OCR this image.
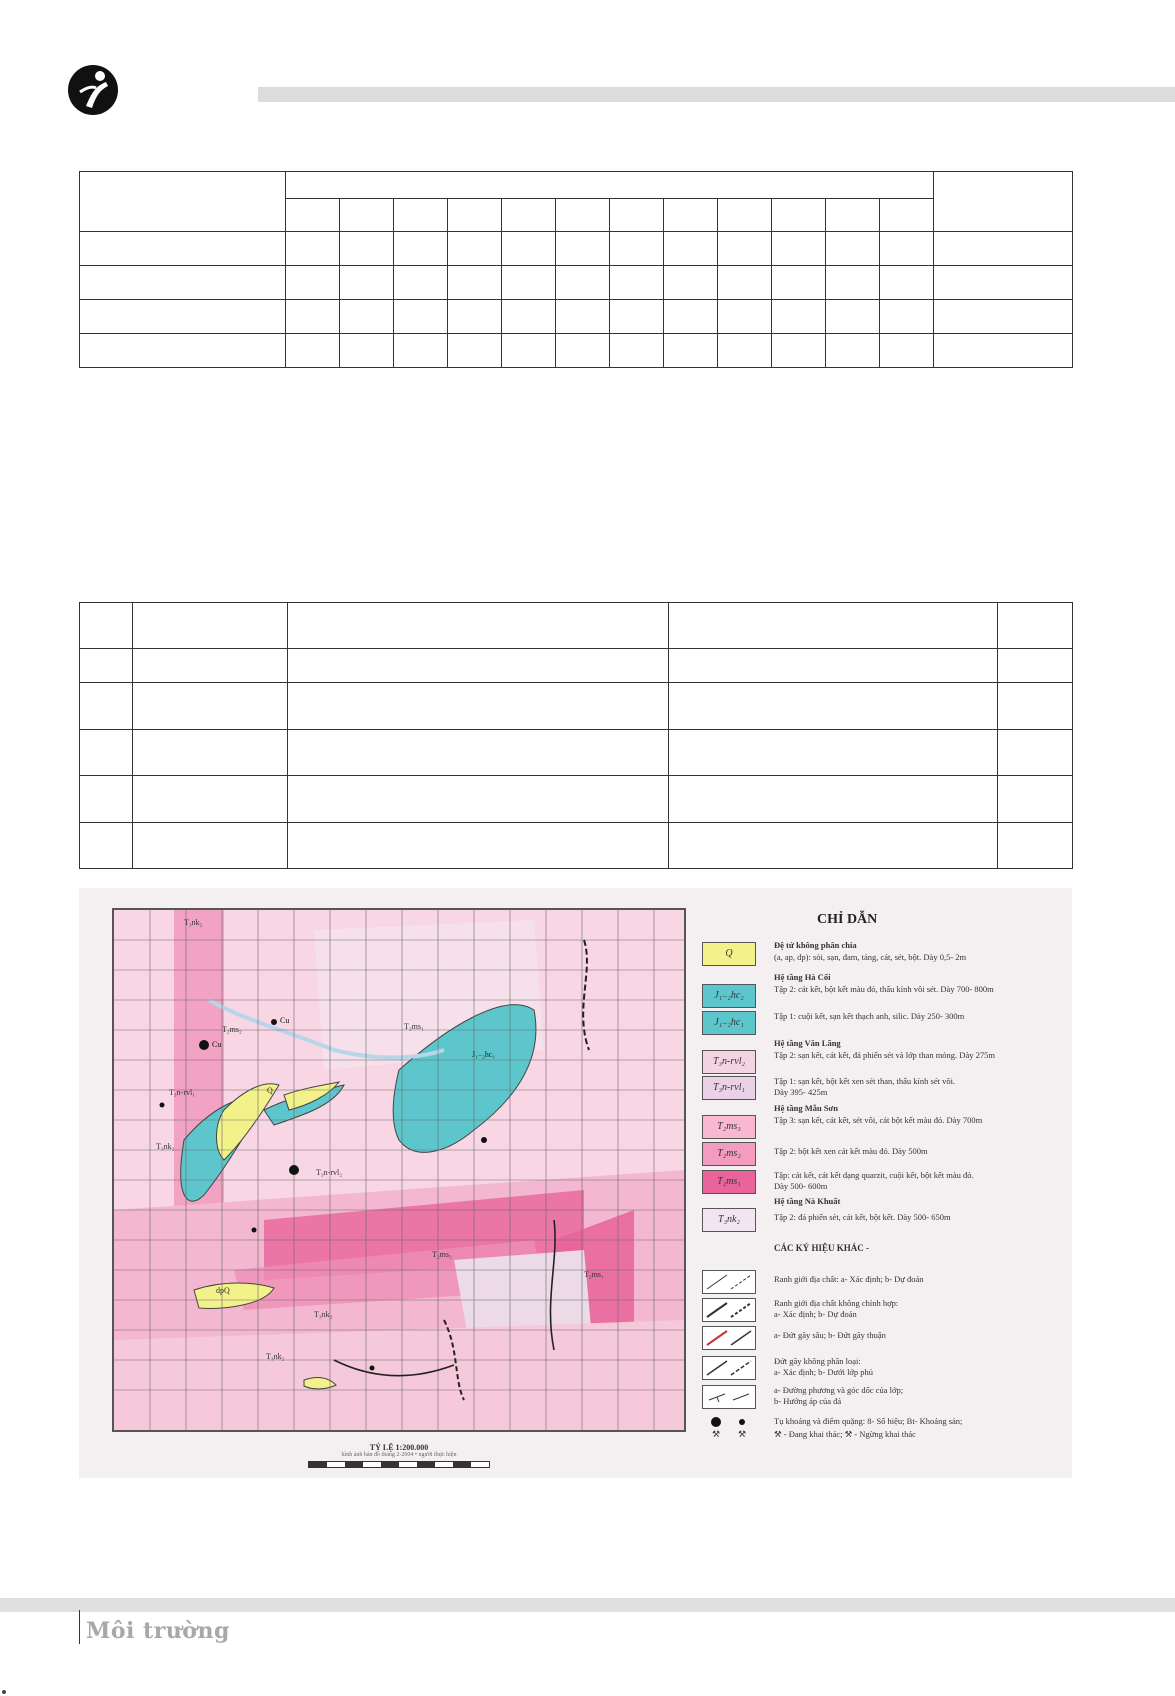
T₃nk₂
T₂ms₂	T₂ms₁
J₁₋₂hc₁
T₃n-rvl₁
T₃nk₂
T₂ms₃
Q
T₃n-rvl₂
dpQ
T₃nk₂
T₂ms₁
Cu
Cu
T₃nk₂
TỶ LỆ 1:200.000
hình ảnh bản đồ tháng 2-2004 • người thực hiện
CHỈ DẪN
Q
Đệ tứ không phân chia
(a, ap, dp): sỏi, sạn, đam, tảng, cát, sét, bột. Dày 0,5- 2m
Hệ tầng Hà Cối
J₁₋₂hc₂
Tập 2: cát kết, bột kết màu đỏ, thấu kính vôi sét. Dày 700- 800m
J₁₋₂hc₁
Tập 1: cuội kết, sạn kết thạch anh, silic. Dày 250- 300m
Hệ tầng Văn Lãng
T₃n-rvl₂
Tập 2: sạn kết, cát kết, đá phiến sét và lớp than mỏng. Dày 275m
T₃n-rvl₁
Tập 1: sạn kết, bột kết xen sét than, thấu kính sét vôi.
Dày 395- 425m
Hệ tầng Mẫu Sơn
T₂ms₃
Tập 3: sạn kết, cát kết, sét vôi, cát bột kết màu đỏ. Dày 700m
T₂ms₂	Tập 2: bột kết xen cát kết màu đỏ. Dày 500m
T₂ms₁
Tập: cát kết, cát kết dạng quarzit, cuội kết, bột kết màu đỏ.
Dày 500- 600m
Hệ tầng Nà Khuất
T₃nk₂	Tập 2: đá phiến sét, cát kết, bột kết. Dày 500- 650m
CÁC KÝ HIỆU KHÁC -
Ranh giới địa chất: a- Xác định; b- Dự đoán
Ranh giới địa chất không chỉnh hợp:
a- Xác định; b- Dự đoán
a- Đứt gãy sâu; b- Đứt gãy thuận
Đứt gãy không phân loại:
a- Xác định; b- Dưới lớp phủ
a- Đường phương và góc dốc của lớp;
b- Hướng áp của đá
⚒ ⚒
Tụ khoáng và điểm quặng: 8- Số hiệu; Bt- Khoáng sản;
⚒ - Đang khai thác; ⚒ - Ngừng khai thác
Môi trường
